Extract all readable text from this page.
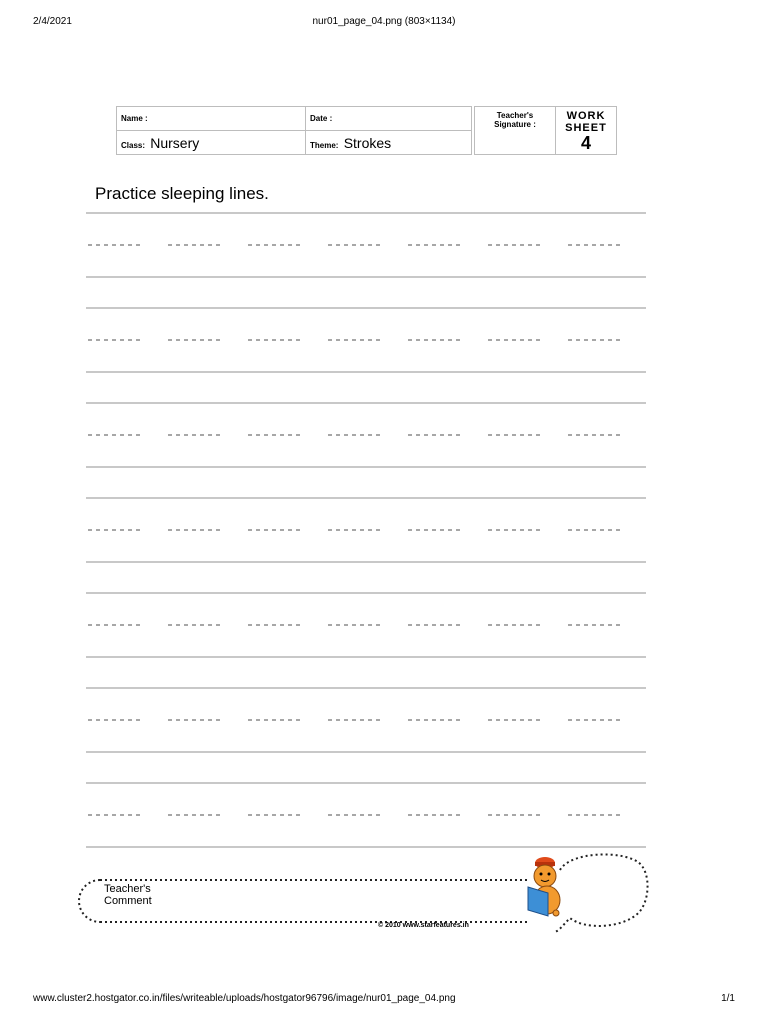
2/4/2021	nur01_page_04.png (803×1134)
Name :	Date :		Teacher's
Signature :	WORK
SHEET
4

Class: Nursery	Theme: Strokes			
Practice sleeping lines.
Teacher's
Comment
© 2010 www.starfeatures.in
www.cluster2.hostgator.co.in/files/writeable/uploads/hostgator96796/image/nur01_page_04.png	1/1
